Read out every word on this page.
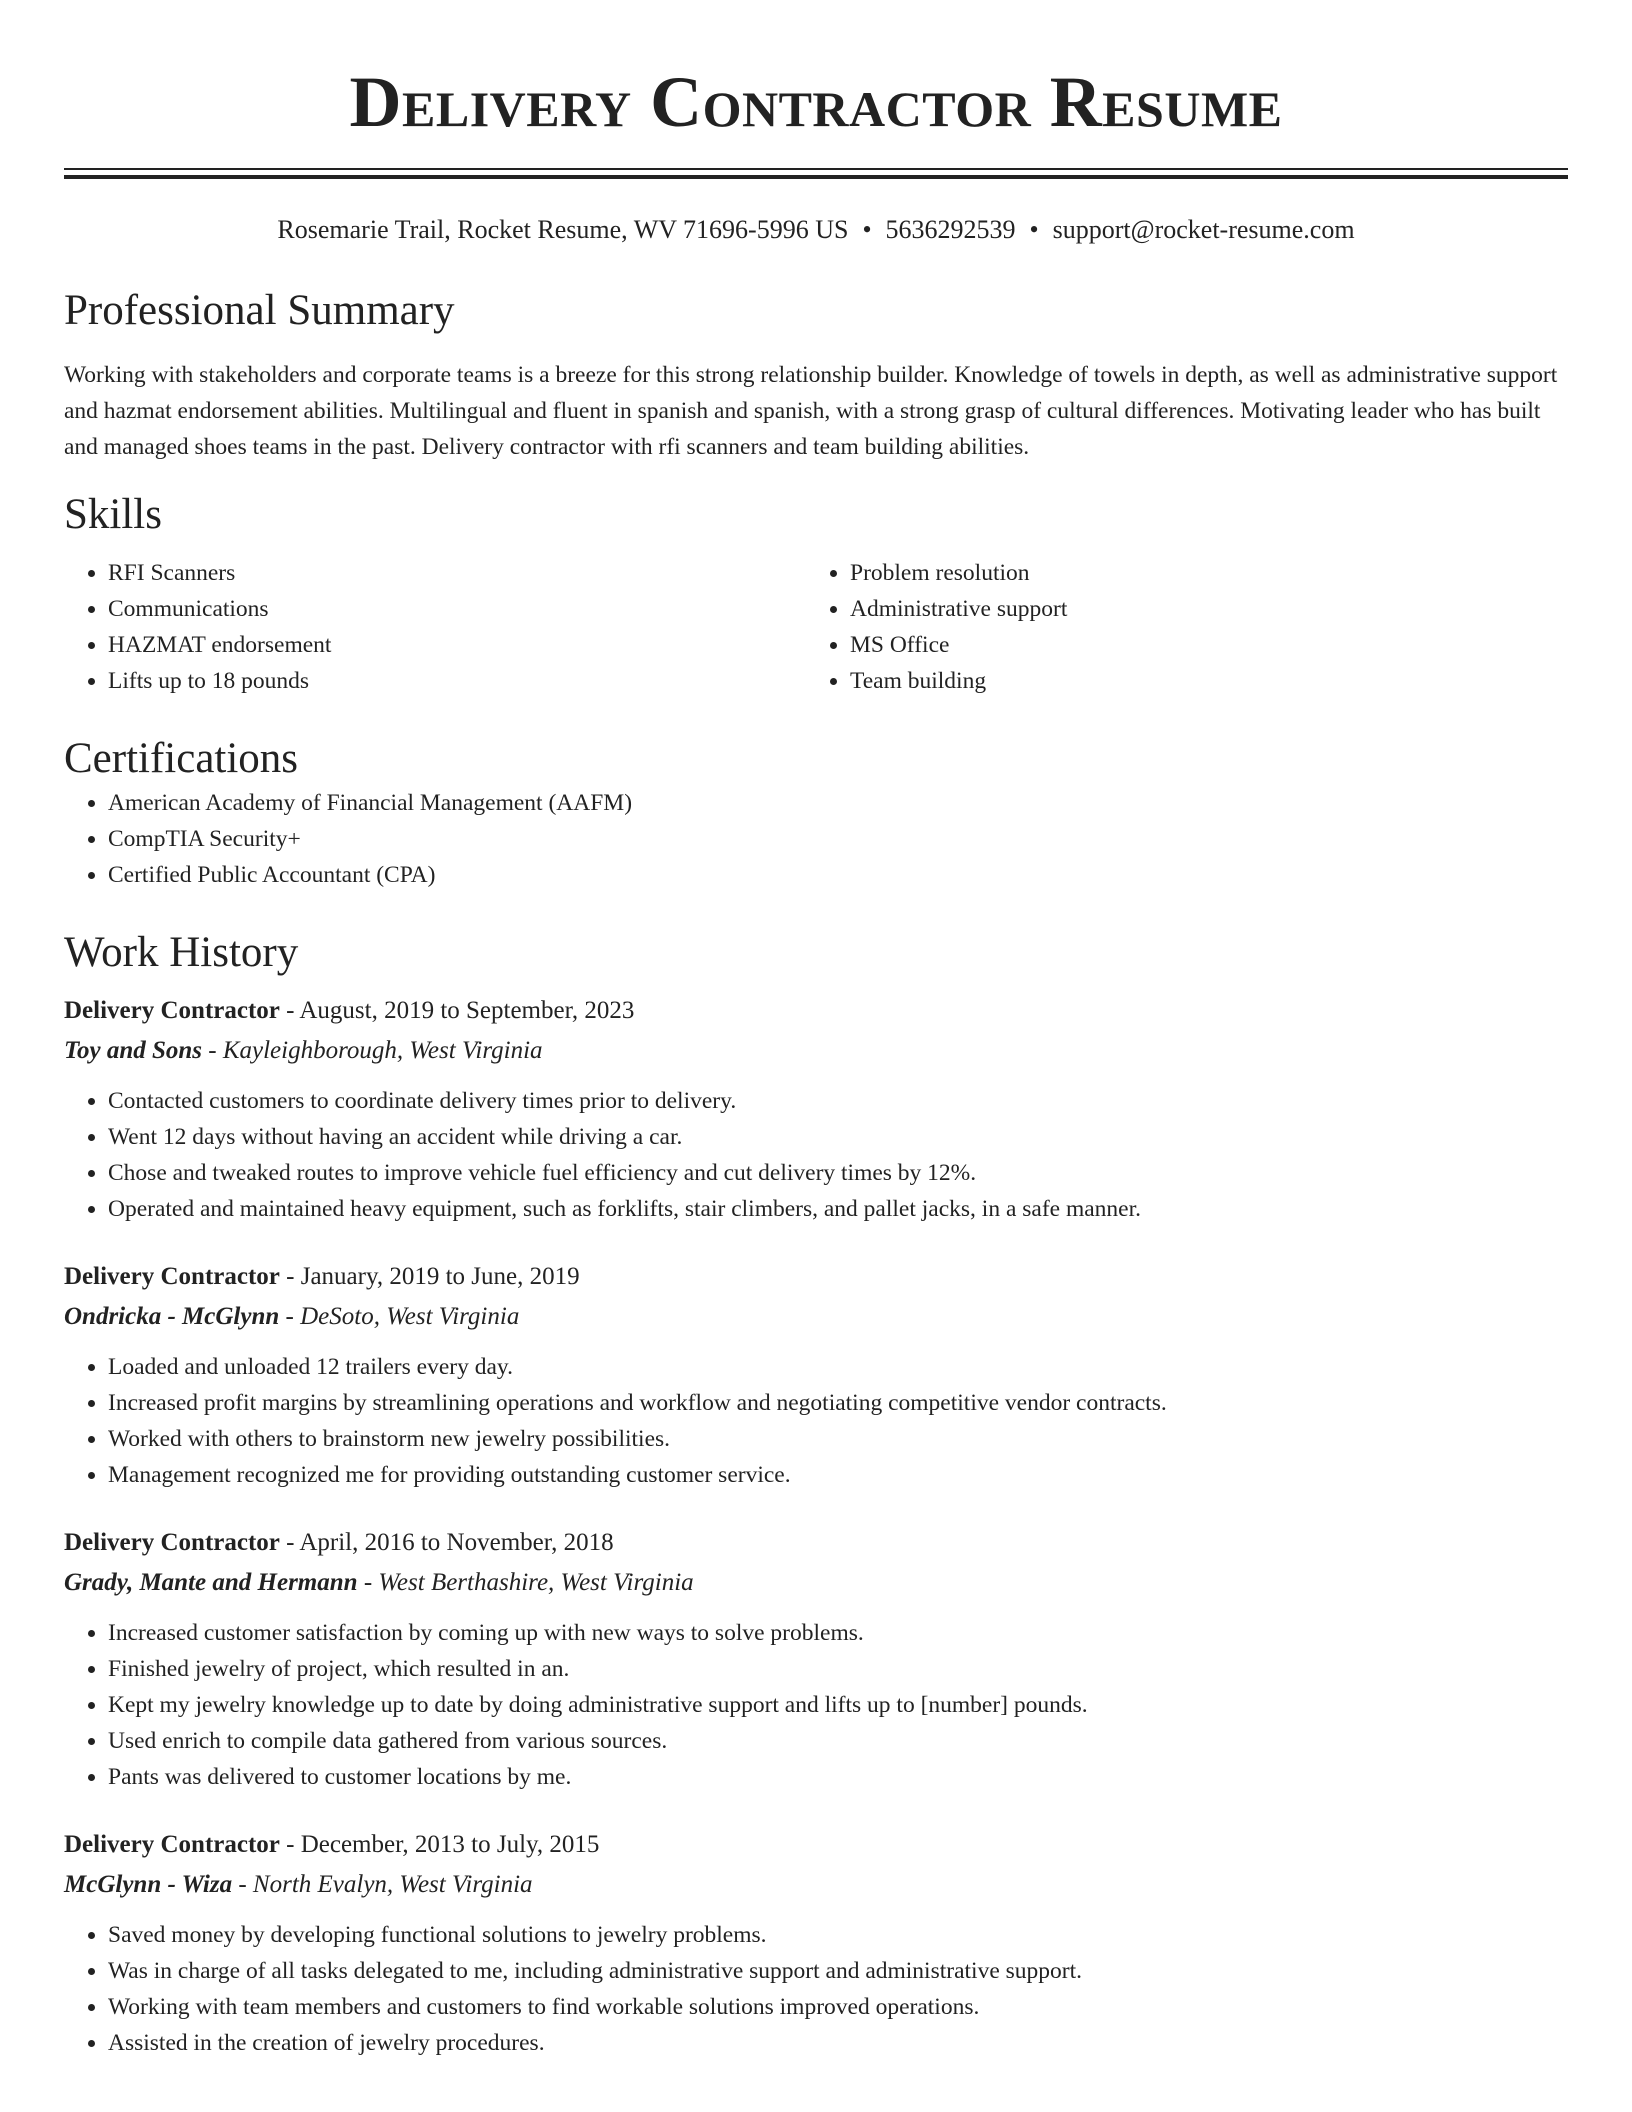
Delivery Contractor Resume
Rosemarie Trail, Rocket Resume, WV 71696-5996 US • 5636292539 • support@rocket-resume.com
Professional Summary

Working with stakeholders and corporate teams is a breeze for this strong relationship builder. Knowledge of towels in depth, as well as administrative support and hazmat endorsement abilities. Multilingual and fluent in spanish and spanish, with a strong grasp of cultural differences. Motivating leader who has built and managed shoes teams in the past. Delivery contractor with rfi scanners and team building abilities.

Skills
• RFI Scanners
• Communications
• HAZMAT endorsement
• Lifts up to 18 pounds
• Problem resolution
• Administrative support
• MS Office
• Team building
Certifications
• American Academy of Financial Management (AAFM)
• CompTIA Security+
• Certified Public Accountant (CPA)
Work History
Delivery Contractor - August, 2019 to September, 2023
Toy and Sons - Kayleighborough, West Virginia
• Contacted customers to coordinate delivery times prior to delivery.
• Went 12 days without having an accident while driving a car.
• Chose and tweaked routes to improve vehicle fuel efficiency and cut delivery times by 12%.
• Operated and maintained heavy equipment, such as forklifts, stair climbers, and pallet jacks, in a safe manner.
Delivery Contractor - January, 2019 to June, 2019
Ondricka - McGlynn - DeSoto, West Virginia
• Loaded and unloaded 12 trailers every day.
• Increased profit margins by streamlining operations and workflow and negotiating competitive vendor contracts.
• Worked with others to brainstorm new jewelry possibilities.
• Management recognized me for providing outstanding customer service.
Delivery Contractor - April, 2016 to November, 2018
Grady, Mante and Hermann - West Berthashire, West Virginia
• Increased customer satisfaction by coming up with new ways to solve problems.
• Finished jewelry of project, which resulted in an.
• Kept my jewelry knowledge up to date by doing administrative support and lifts up to [number] pounds.
• Used enrich to compile data gathered from various sources.
• Pants was delivered to customer locations by me.
Delivery Contractor - December, 2013 to July, 2015
McGlynn - Wiza - North Evalyn, West Virginia
• Saved money by developing functional solutions to jewelry problems.
• Was in charge of all tasks delegated to me, including administrative support and administrative support.
• Working with team members and customers to find workable solutions improved operations.
• Assisted in the creation of jewelry procedures.
